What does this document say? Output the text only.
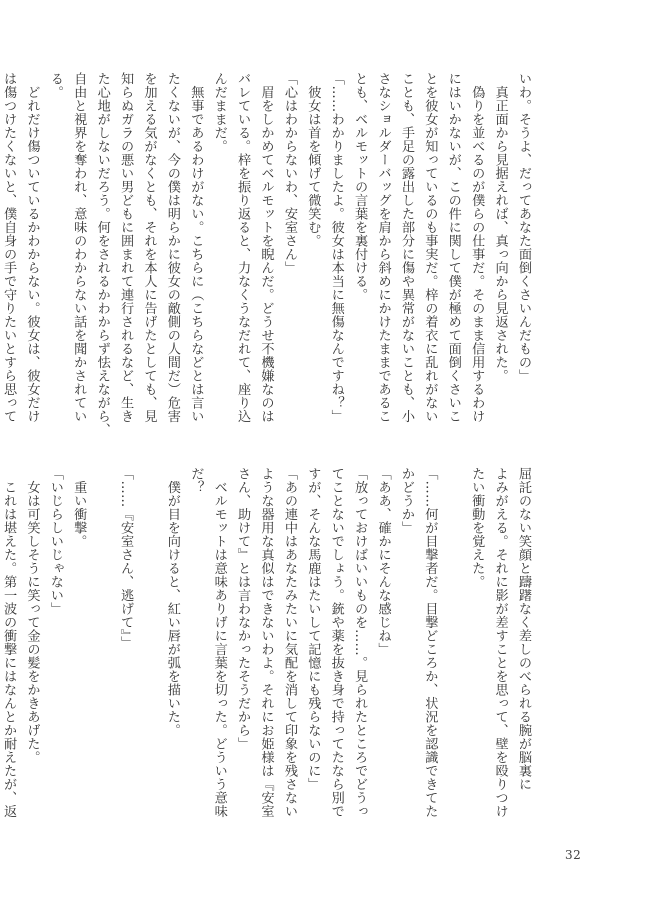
いわ。そうよ、だってあなた面倒くさいんだもの」
　真正面から見据えれば、真っ向から見返された。
　偽りを並べるのが僕らの仕事だ。そのまま信用するわけ
にはいかないが、この件に関して僕が極めて面倒くさいこ
とを彼女が知っているのも事実だ。梓の着衣に乱れがない
ことも、手足の露出した部分に傷や異常がないことも、小
さなショルダーバッグを肩から斜めにかけたままであるこ
とも、ベルモットの言葉を裏付ける。
「……わかりましたよ。彼女は本当に無傷なんですね？」
　彼女は首を傾げて微笑む。
「心はわからないわ、安室さん」
　眉をしかめてベルモットを睨んだ。どうせ不機嫌なのは
バレている。梓を振り返ると、力なくうなだれて、座り込
んだままだ。
　無事であるわけがない。こちらに（こちらなどとは言い
たくないが、今の僕は明らかに彼女の敵側の人間だ）危害
を加える気がなくとも、それを本人に告げたとしても、見
知らぬガラの悪い男どもに囲まれて連行されるなど、生き
た心地がしないだろう。何をされるかわからず怯えながら、
自由と視界を奪われ、意味のわからない話を聞かされてい
る。
　どれだけ傷ついているかわからない。彼女は、彼女だけ
は傷つけたくないと、僕自身の手で守りたいとすら思って
屈託のない笑顔と躊躇なく差しのべられる腕が脳裏に
よみがえる。それに影が差すことを思って、壁を殴りつけ
たい衝動を覚えた。

「……何が目撃者だ。目撃どころか、状況を認識できてた
かどうか」
「ああ、確かにそんな感じね」
「放っておけばいいものを……。見られたところでどうっ
てことないでしょう。銃や薬を抜き身で持ってたなら別で
すが、そんな馬鹿はたいして記憶にも残らないのに」
「あの連中はあなたみたいに気配を消して印象を残さない
ような器用な真似はできないわよ。それにお姫様は『安室
さん、助けて』とは言わなかったそうだから」
　ベルモットは意味ありげに言葉を切った。どういう意味
だ？
　僕が目を向けると、紅い唇が弧を描いた。

「……『安室さん、逃げて』」

　重い衝撃。
「いじらしいじゃない」
　女は可笑しそうに笑って金の髪をかきあげた。
　これは堪えた。第一波の衝撃にはなんとか耐えたが、返
32
